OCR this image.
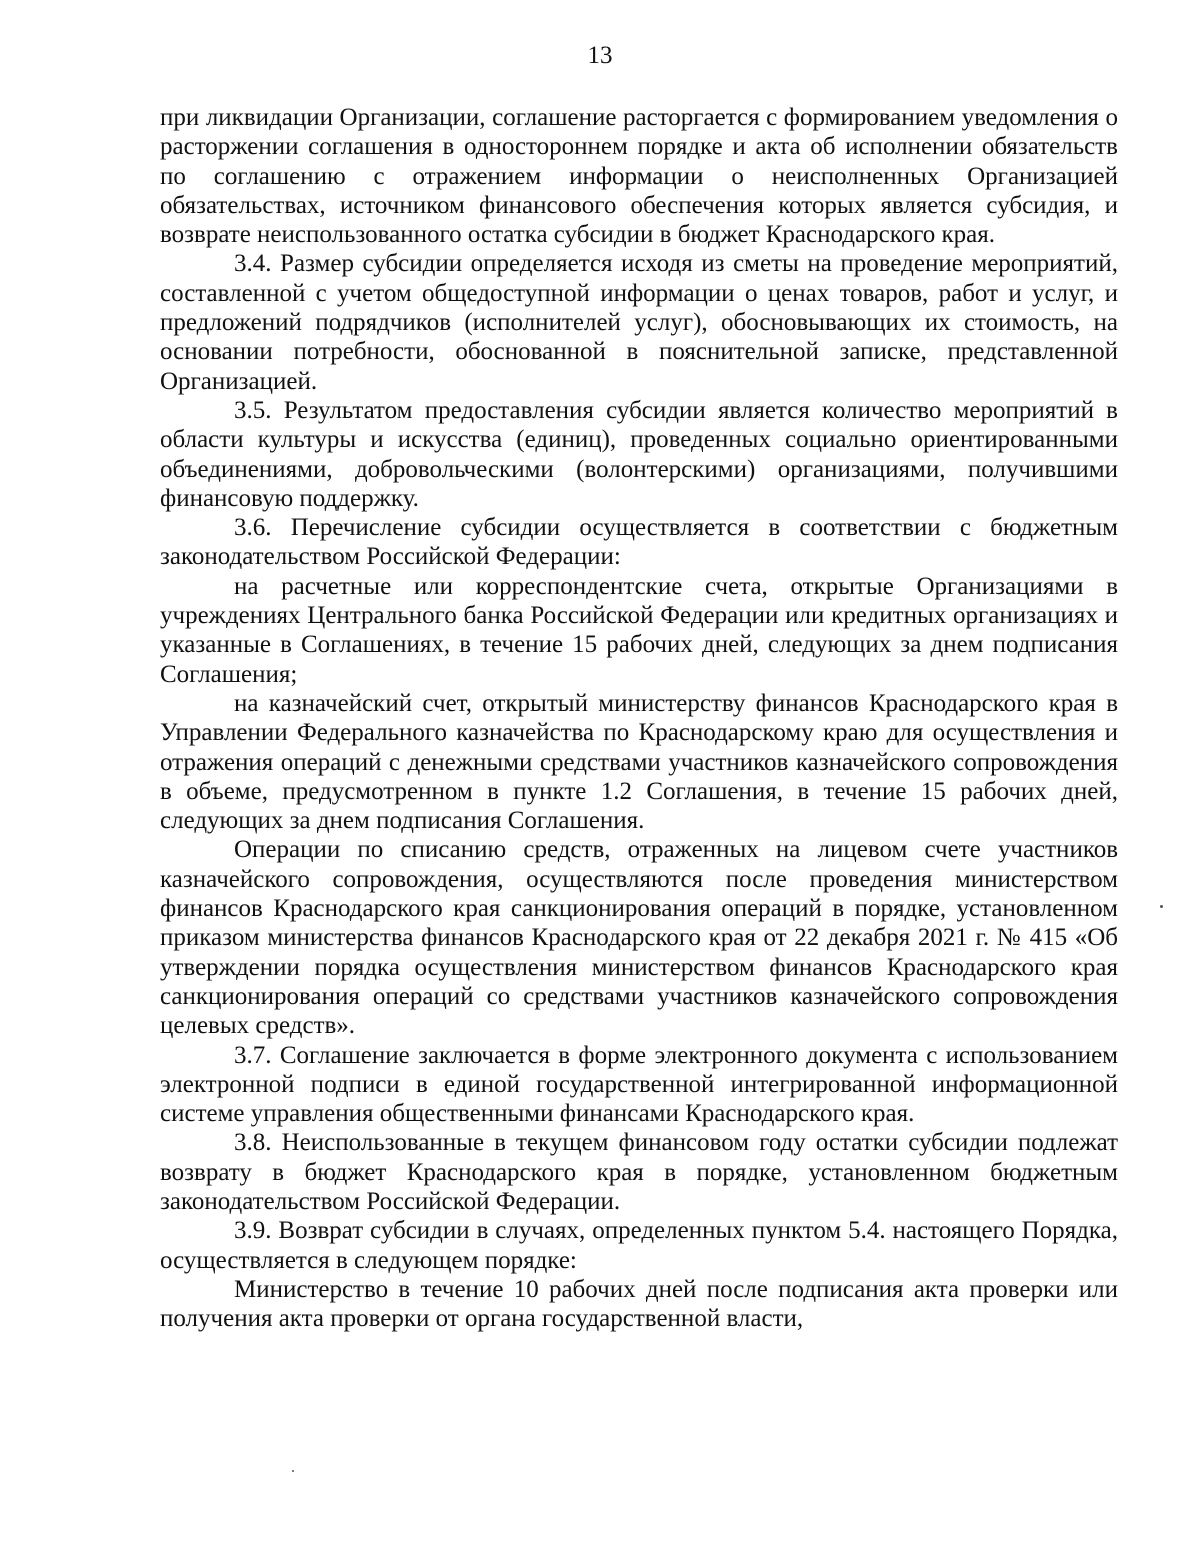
13

при ликвидации Организации, соглашение расторгается с формированием уведомления о расторжении соглашения в одностороннем порядке и акта об исполнении обязательств по соглашению с отражением информации о неисполненных Организацией обязательствах, источником финансового обеспечения которых является субсидия, и возврате неиспользованного остатка субсидии в бюджет Краснодарского края.

3.4. Размер субсидии определяется исходя из сметы на проведение мероприятий, составленной с учетом общедоступной информации о ценах товаров, работ и услуг, и предложений подрядчиков (исполнителей услуг), обосновывающих их стоимость, на основании потребности, обоснованной в пояснительной записке, представленной Организацией.

3.5. Результатом предоставления субсидии является количество мероприятий в области культуры и искусства (единиц), проведенных социально ориентированными объединениями, добровольческими (волонтерскими) организациями, получившими финансовую поддержку.

3.6. Перечисление субсидии осуществляется в соответствии с бюджетным законодательством Российской Федерации:

на расчетные или корреспондентские счета, открытые Организациями в учреждениях Центрального банка Российской Федерации или кредитных организациях и указанные в Соглашениях, в течение 15 рабочих дней, следующих за днем подписания Соглашения;

на казначейский счет, открытый министерству финансов Краснодарского края в Управлении Федерального казначейства по Краснодарскому краю для осуществления и отражения операций с денежными средствами участников казначейского сопровождения в объеме, предусмотренном в пункте 1.2 Соглашения, в течение 15 рабочих дней, следующих за днем подписания Соглашения.

Операции по списанию средств, отраженных на лицевом счете участников казначейского сопровождения, осуществляются после проведения министерством финансов Краснодарского края санкционирования операций в порядке, установленном приказом министерства финансов Краснодарского края от 22 декабря 2021 г. № 415 «Об утверждении порядка осуществления министерством финансов Краснодарского края санкционирования операций со средствами участников казначейского сопровождения целевых средств».

3.7. Соглашение заключается в форме электронного документа с использованием электронной подписи в единой государственной интегрированной информационной системе управления общественными финансами Краснодарского края.

3.8. Неиспользованные в текущем финансовом году остатки субсидии подлежат возврату в бюджет Краснодарского края в порядке, установленном бюджетным законодательством Российской Федерации.

3.9. Возврат субсидии в случаях, определенных пунктом 5.4. настоящего Порядка, осуществляется в следующем порядке:

Министерство в течение 10 рабочих дней после подписания акта проверки или получения акта проверки от органа государственной власти,
